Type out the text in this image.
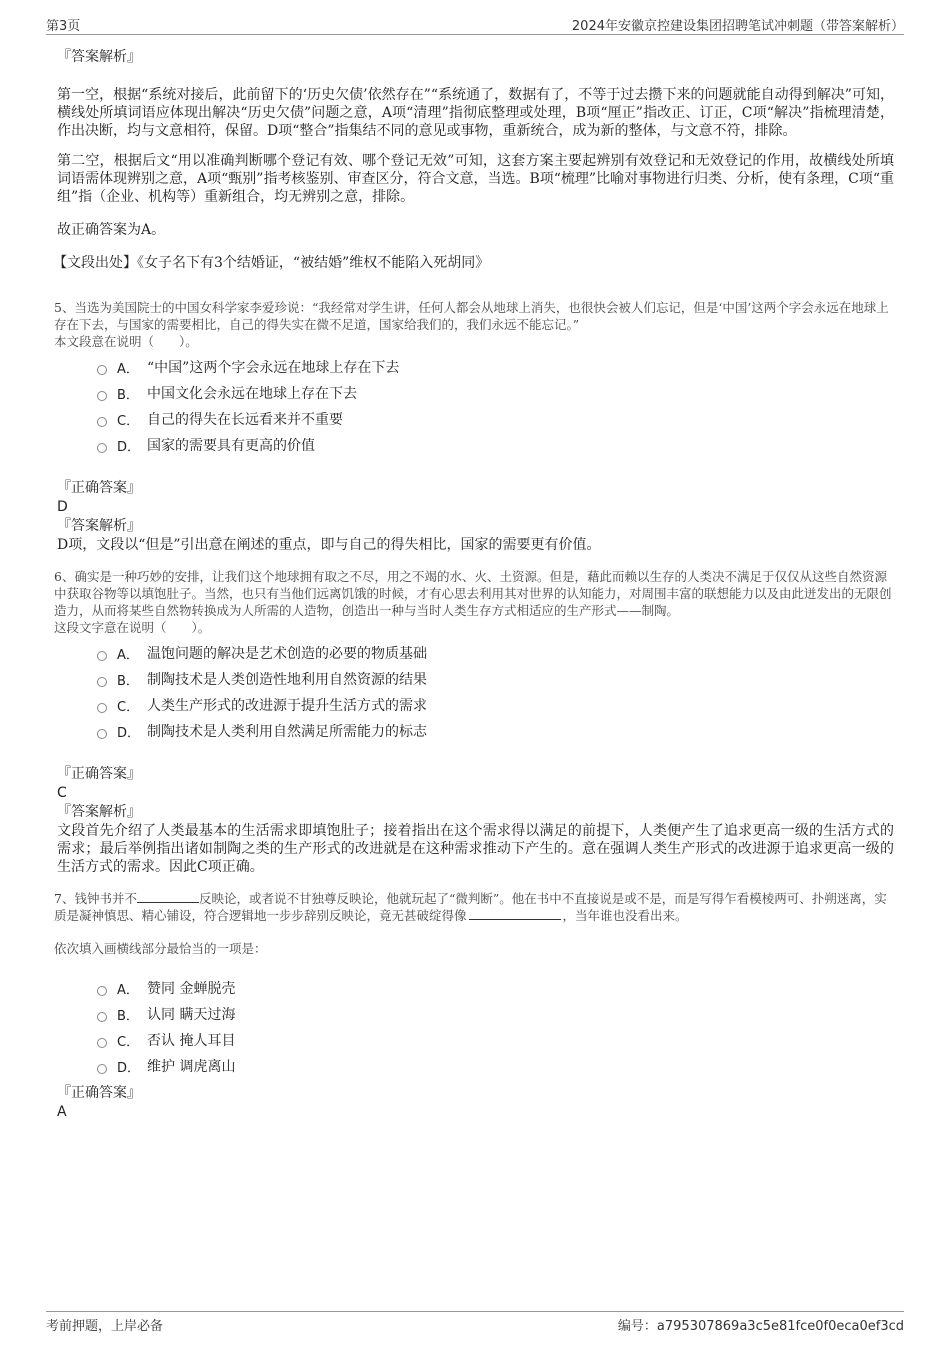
第3页	2024年安徽京控建设集团招聘笔试冲刺题（带答案解析）
『答案解析』
第一空，根据“系统对接后，此前留下的‘历史欠债’依然存在”“系统通了，数据有了，不等于过去攒下来的问题就能自动得到解决”可知，横线处所填词语应体现出解决“历史欠债”问题之意，A项“清理”指彻底整理或处理，B项“厘正”指改正、订正，C项“解决”指梳理清楚，作出决断，均与文意相符，保留。D项“整合”指集结不同的意见或事物，重新统合，成为新的整体，与文意不符，排除。
第二空，根据后文“用以准确判断哪个登记有效、哪个登记无效”可知，这套方案主要起辨别有效登记和无效登记的作用，故横线处所填词语需体现辨别之意，A项“甄别”指考核鉴别、审查区分，符合文意，当选。B项“梳理”比喻对事物进行归类、分析，使有条理，C项“重组”指（企业、机构等）重新组合，均无辨别之意，排除。
故正确答案为A。
【文段出处】《女子名下有3个结婚证，“被结婚”维权不能陷入死胡同》
5、当选为美国院士的中国女科学家李爱珍说：“我经常对学生讲，任何人都会从地球上消失，也很快会被人们忘记，但是‘中国’这两个字会永远在地球上存在下去，与国家的需要相比，自己的得失实在微不足道，国家给我们的，我们永远不能忘记。”
本文段意在说明（　　）。
A． “中国”这两个字会永远在地球上存在下去
B． 中国文化会永远在地球上存在下去
C． 自己的得失在长远看来并不重要
D． 国家的需要具有更高的价值
『正确答案』
D
『答案解析』
D项，文段以“但是”引出意在阐述的重点，即与自己的得失相比，国家的需要更有价值。
6、确实是一种巧妙的安排，让我们这个地球拥有取之不尽，用之不竭的水、火、土资源。但是，藉此而赖以生存的人类决不满足于仅仅从这些自然资源中获取谷物等以填饱肚子。当然，也只有当他们远离饥饿的时候，才有心思去利用其对世界的认知能力，对周围丰富的联想能力以及由此迸发出的无限创造力，从而将某些自然物转换成为人所需的人造物，创造出一种与当时人类生存方式相适应的生产形式——制陶。
这段文字意在说明（　　）。
A． 温饱问题的解决是艺术创造的必要的物质基础
B． 制陶技术是人类创造性地利用自然资源的结果
C． 人类生产形式的改进源于提升生活方式的需求
D． 制陶技术是人类利用自然满足所需能力的标志
『正确答案』
C
『答案解析』
文段首先介绍了人类最基本的生活需求即填饱肚子；接着指出在这个需求得以满足的前提下，人类便产生了追求更高一级的生活方式的需求；最后举例指出诸如制陶之类的生产形式的改进就是在这种需求推动下产生的。意在强调人类生产形式的改进源于追求更高一级的生活方式的需求。因此C项正确。
7、钱钟书并不	反映论，或者说不甘独尊反映论，他就玩起了“微判断”。他在书中不直接说是或不是，而是写得乍看模棱两可、扑朔迷离，实质是凝神慎思、精心铺设，符合逻辑地一步步辞别反映论，竟无甚破绽得像	，当年谁也没看出来。
依次填入画横线部分最恰当的一项是：
A． 赞同 金蝉脱壳
B． 认同 瞒天过海
C． 否认 掩人耳目
D． 维护 调虎离山
『正确答案』
A
考前押题，上岸必备	编号：a795307869a3c5e81fce0f0eca0ef3cd
